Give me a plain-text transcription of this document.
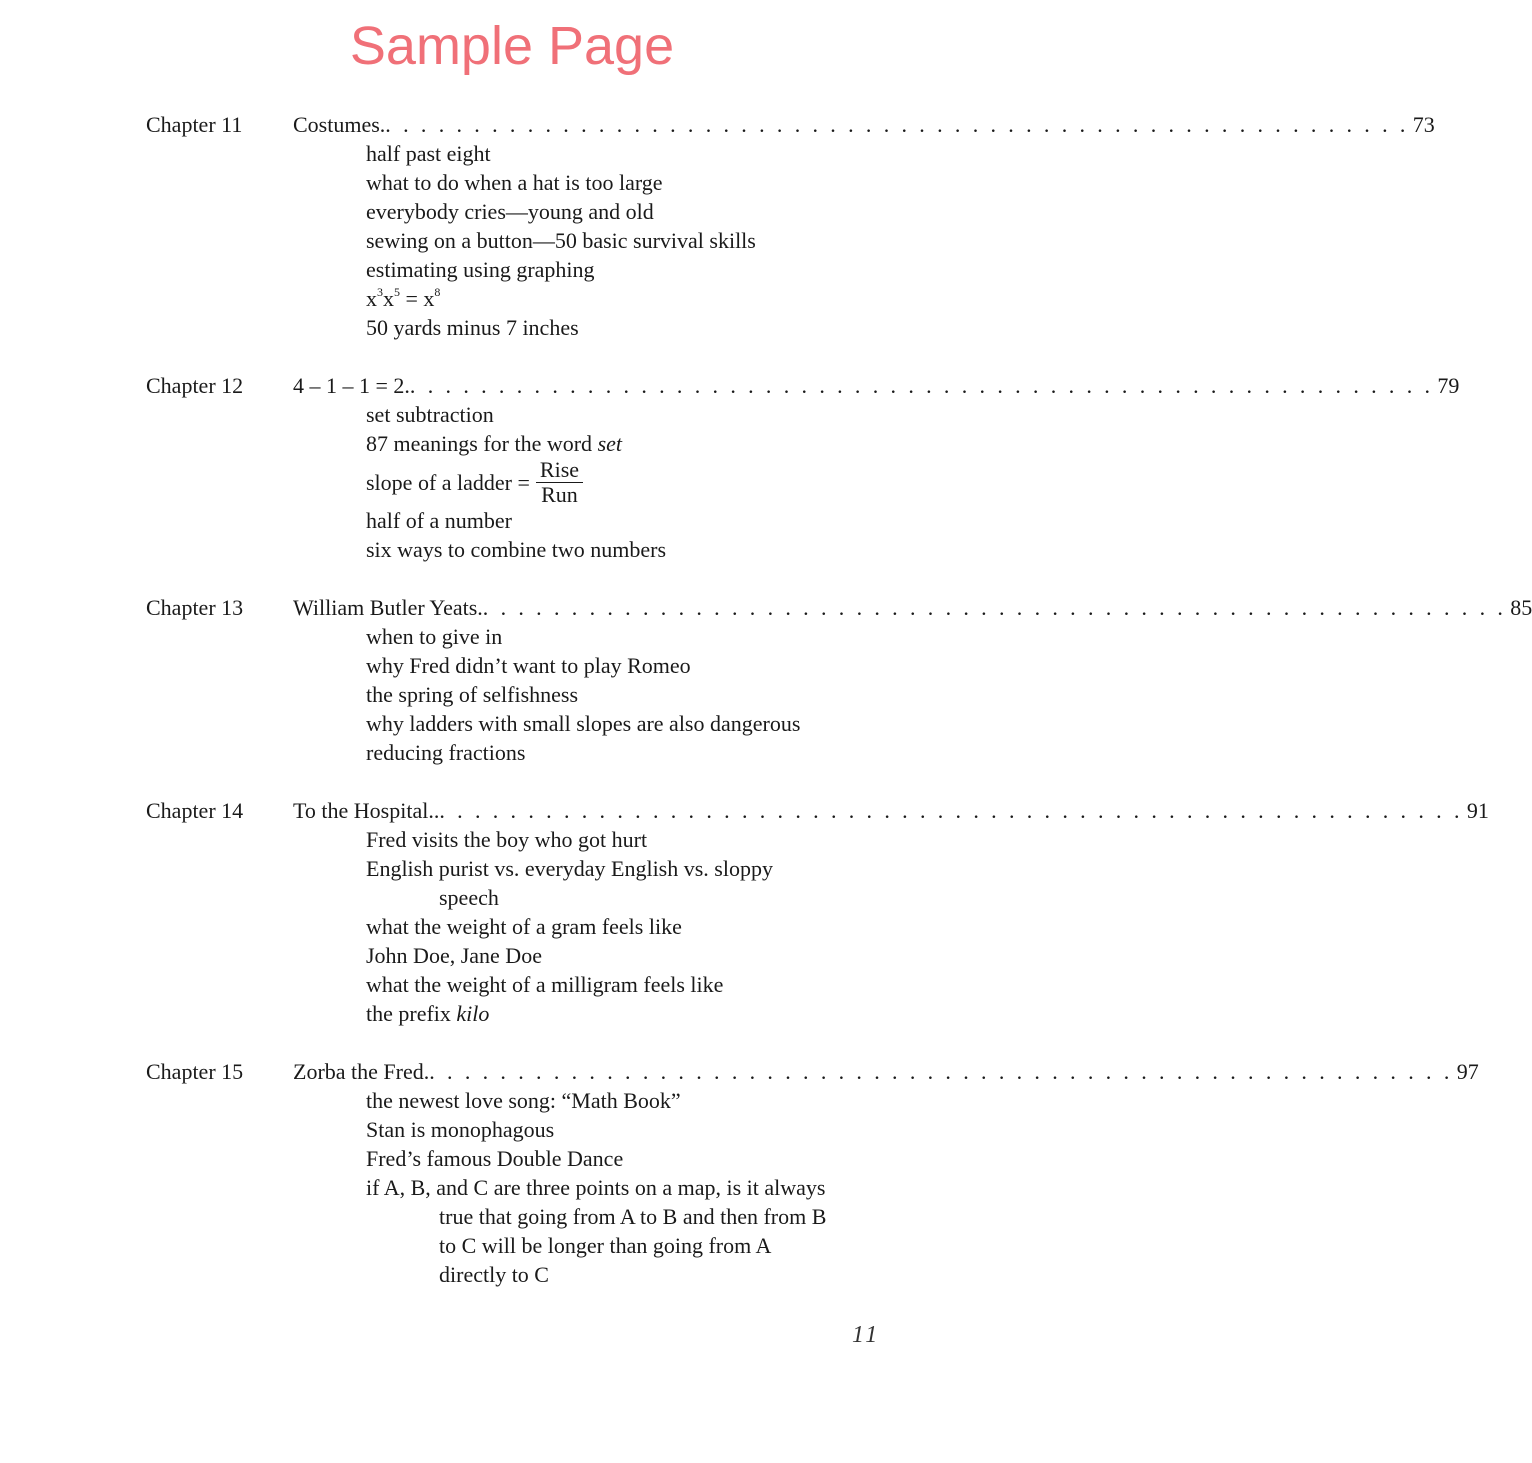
Sample Page
Chapter 11	Costumes. . . . . . . . . . . . . . . . . . . . . . . . . . . . . . . . . . . . . . . . . . . . . . . . . . . . . . . . . . . 73
half past eight
what to do when a hat is too large
everybody cries—young and old
sewing on a button—50 basic survival skills
estimating using graphing
$x^3x^5 = x^8$
50 yards minus 7 inches
Chapter 12	4 – 1 – 1 = 2. . . . . . . . . . . . . . . . . . . . . . . . . . . . . . . . . . . . . . . . . . . . . . . . . . . . . . . . . . . 79
set subtraction
87 meanings for the word set
slope of a ladder = $\frac{\text{Rise}}{\text{Run}}$
half of a number
six ways to combine two numbers
Chapter 13	William Butler Yeats. . . . . . . . . . . . . . . . . . . . . . . . . . . . . . . . . . . . . . . . . . . . . . . . . . . . . . . . . . . 85
when to give in
why Fred didn’t want to play Romeo
the spring of selfishness
why ladders with small slopes are also dangerous
reducing fractions
Chapter 14	To the Hospital.. . . . . . . . . . . . . . . . . . . . . . . . . . . . . . . . . . . . . . . . . . . . . . . . . . . . . . . . . . . 91
Fred visits the boy who got hurt
English purist vs. everyday English vs. sloppy
speech
what the weight of a gram feels like
John Doe, Jane Doe
what the weight of a milligram feels like
the prefix kilo
Chapter 15	Zorba the Fred. . . . . . . . . . . . . . . . . . . . . . . . . . . . . . . . . . . . . . . . . . . . . . . . . . . . . . . . . . . 97
the newest love song: “Math Book”
Stan is monophagous
Fred’s famous Double Dance
if A, B, and C are three points on a map, is it always
true that going from A to B and then from B
to C will be longer than going from A
directly to C
11
